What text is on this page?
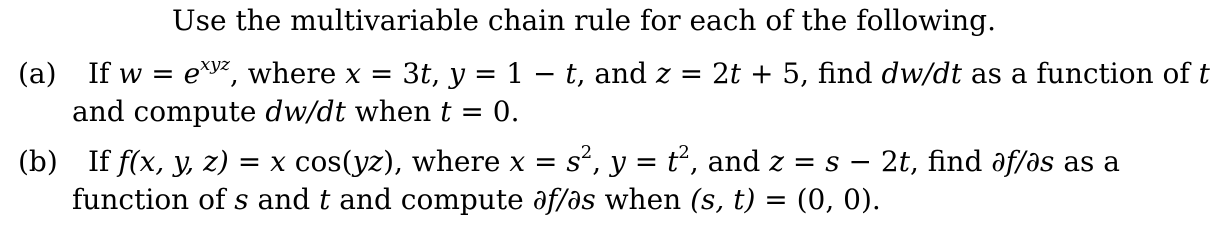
Use the multivariable chain rule for each of the following.
(a) If $w = e^{xyz}$, where x = 3t, y = 1 − t, and z = 2t + 5, find dw/dt as a function of t
and compute dw/dt when t = 0.
(b) If f(x, y, z) = x cos(yz), where $x = s^2$, $y = t^2$, and z = s − 2t, find ∂f/∂s as a
function of s and t and compute ∂f/∂s when (s, t) = (0, 0).
